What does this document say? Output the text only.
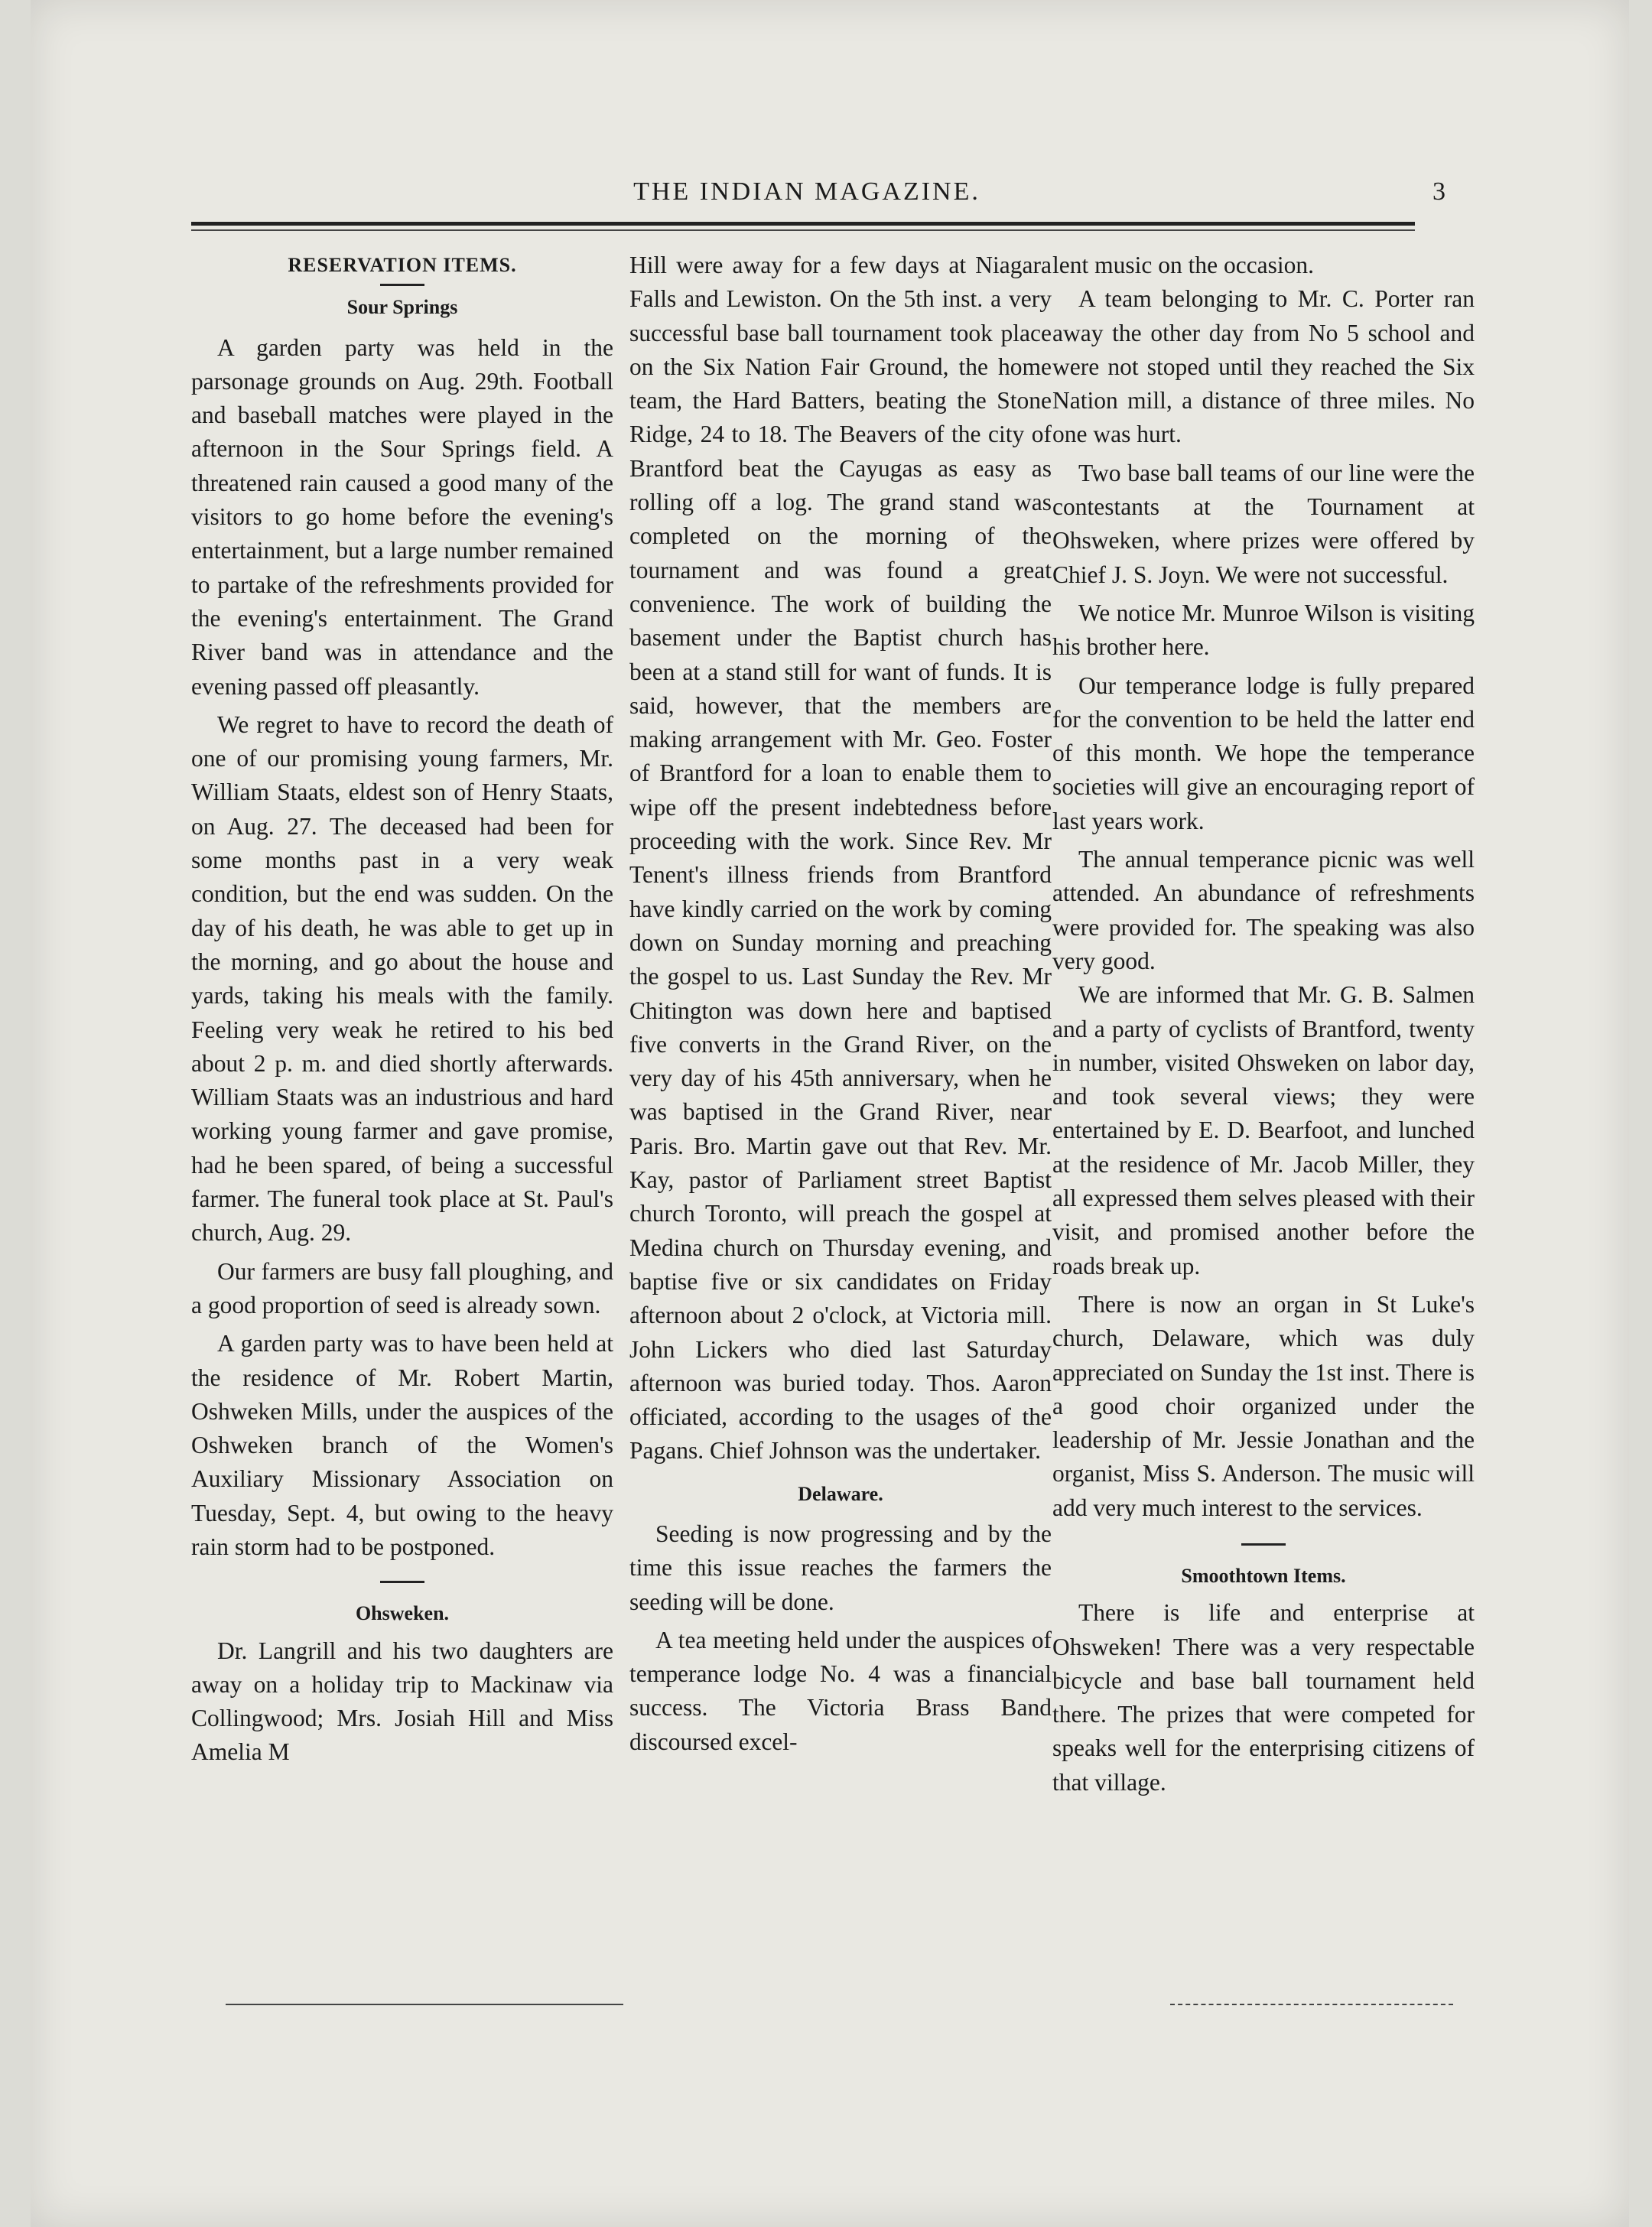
THE INDIAN MAGAZINE.	3
RESERVATION ITEMS.
Sour Springs

A garden party was held in the parsonage grounds on Aug. 29th. Football and baseball matches were played in the afternoon in the Sour Springs field. A threatened rain caused a good many of the visitors to go home before the evening's entertainment, but a large number remained to partake of the refreshments provided for the evening's entertainment. The Grand River band was in attendance and the evening passed off pleasantly.

We regret to have to record the death of one of our promising young farmers, Mr. William Staats, eldest son of Henry Staats, on Aug. 27. The deceased had been for some months past in a very weak condition, but the end was sudden. On the day of his death, he was able to get up in the morning, and go about the house and yards, taking his meals with the family. Feeling very weak he retired to his bed about 2 p. m. and died shortly afterwards. William Staats was an industrious and hard working young farmer and gave promise, had he been spared, of being a successful farmer. The funeral took place at St. Paul's church, Aug. 29.

Our farmers are busy fall ploughing, and a good proportion of seed is already sown.

A garden party was to have been held at the residence of Mr. Robert Martin, Oshweken Mills, under the auspices of the Oshweken branch of the Women's Auxiliary Missionary Association on Tuesday, Sept. 4, but owing to the heavy rain storm had to be postponed.

Ohsweken.

Dr. Langrill and his two daughters are away on a holiday trip to Mackinaw via Collingwood; Mrs. Josiah Hill and Miss Amelia M

Hill were away for a few days at Niagara Falls and Lewiston. On the 5th inst. a very successful base ball tournament took place on the Six Nation Fair Ground, the home team, the Hard Batters, beating the Stone Ridge, 24 to 18. The Beavers of the city of Brantford beat the Cayugas as easy as rolling off a log. The grand stand was completed on the morning of the tournament and was found a great convenience. The work of building the basement under the Baptist church has been at a stand still for want of funds. It is said, however, that the members are making arrangement with Mr. Geo. Foster of Brantford for a loan to enable them to wipe off the present indebtedness before proceeding with the work. Since Rev. Mr Tenent's illness friends from Brantford have kindly carried on the work by coming down on Sunday morning and preaching the gospel to us. Last Sunday the Rev. Mr Chitington was down here and baptised five converts in the Grand River, on the very day of his 45th anniversary, when he was baptised in the Grand River, near Paris. Bro. Martin gave out that Rev. Mr. Kay, pastor of Parliament street Baptist church Toronto, will preach the gospel at Medina church on Thursday evening, and baptise five or six candidates on Friday afternoon about 2 o'clock, at Victoria mill. John Lickers who died last Saturday afternoon was buried today. Thos. Aaron officiated, according to the usages of the Pagans. Chief Johnson was the undertaker.

Delaware.

Seeding is now progressing and by the time this issue reaches the farmers the seeding will be done.

A tea meeting held under the auspices of temperance lodge No. 4 was a financial success. The Victoria Brass Band discoursed excel-

lent music on the occasion.

A team belonging to Mr. C. Porter ran away the other day from No 5 school and were not stoped until they reached the Six Nation mill, a distance of three miles. No one was hurt.

Two base ball teams of our line were the contestants at the Tournament at Ohsweken, where prizes were offered by Chief J. S. Joyn. We were not successful.

We notice Mr. Munroe Wilson is visiting his brother here.

Our temperance lodge is fully prepared for the convention to be held the latter end of this month. We hope the temperance societies will give an encouraging report of last years work.

The annual temperance picnic was well attended. An abundance of refreshments were provided for. The speaking was also very good.

We are informed that Mr. G. B. Salmen and a party of cyclists of Brantford, twenty in number, visited Ohsweken on labor day, and took several views; they were entertained by E. D. Bearfoot, and lunched at the residence of Mr. Jacob Miller, they all expressed them selves pleased with their visit, and promised another before the roads break up.

There is now an organ in St Luke's church, Delaware, which was duly appreciated on Sunday the 1st inst. There is a good choir organized under the leadership of Mr. Jessie Jonathan and the organist, Miss S. Anderson. The music will add very much interest to the services.

Smoothtown Items.

There is life and enterprise at Ohsweken! There was a very respectable bicycle and base ball tournament held there. The prizes that were competed for speaks well for the enterprising citizens of that village.
